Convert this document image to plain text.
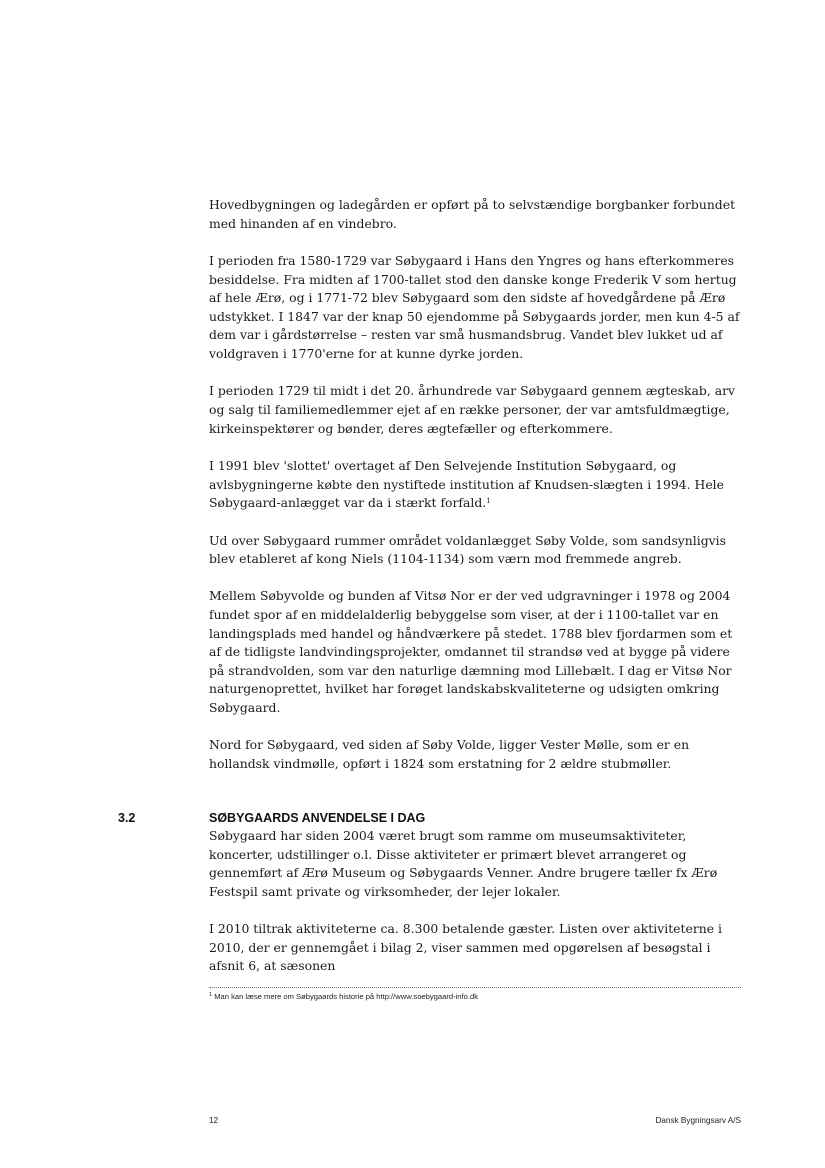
Hovedbygningen og ladegården er opført på to selvstændige borgbanker forbundet med hinanden af en vindebro.

I perioden fra 1580-1729 var Søbygaard i Hans den Yngres og hans efterkommeres besiddelse. Fra midten af 1700-tallet stod den danske konge Frederik V som hertug af hele Ærø, og i 1771-72 blev Søbygaard som den sidste af hovedgårdene på Ærø udstykket. I 1847 var der knap 50 ejendomme på Søbygaards jorder, men kun 4-5 af dem var i gårdstørrelse – resten var små husmandsbrug. Vandet blev lukket ud af voldgraven i 1770'erne for at kunne dyrke jorden.

I perioden 1729 til midt i det 20. århundrede var Søbygaard gennem ægteskab, arv og salg til familiemedlemmer ejet af en række personer, der var amtsfuldmægtige, kirkeinspektører og bønder, deres ægtefæller og efterkommere.

I 1991 blev 'slottet' overtaget af Den Selvejende Institution Søbygaard, og avlsbygningerne købte den nystiftede institution af Knudsen-slægten i 1994. Hele Søbygaard-anlægget var da i stærkt forfald.$^1$

Ud over Søbygaard rummer området voldanlægget Søby Volde, som sandsynligvis blev etableret af kong Niels (1104-1134) som værn mod fremmede angreb.

Mellem Søbyvolde og bunden af Vitsø Nor er der ved udgravninger i 1978 og 2004 fundet spor af en middelalderlig bebyggelse som viser, at der i 1100-tallet var en landingsplads med handel og håndværkere på stedet. 1788 blev fjordarmen som et af de tidligste landvindingsprojekter, omdannet til strandsø ved at bygge på videre på strandvolden, som var den naturlige dæmning mod Lillebælt. I dag er Vitsø Nor naturgenoprettet, hvilket har forøget landskabskvaliteterne og udsigten omkring Søbygaard.

Nord for Søbygaard, ved siden af Søby Volde, ligger Vester Mølle, som er en hollandsk vindmølle, opført i 1824 som erstatning for 2 ældre stubmøller.

3.2	SØBYGAARDS ANVENDELSE I DAG

Søbygaard har siden 2004 været brugt som ramme om museumsaktiviteter, koncerter, udstillinger o.l. Disse aktiviteter er primært blevet arrangeret og gennemført af Ærø Museum og Søbygaards Venner. Andre brugere tæller fx Ærø Festspil samt private og virksomheder, der lejer lokaler.

I 2010 tiltrak aktiviteterne ca. 8.300 betalende gæster. Listen over aktiviteterne i 2010, der er gennemgået i bilag 2, viser sammen med opgørelsen af besøgstal i afsnit 6, at sæsonen

$^1$ Man kan læse mere om Søbygaards historie på http://www.soebygaard-info.dk
12	Dansk Bygningsarv A/S
